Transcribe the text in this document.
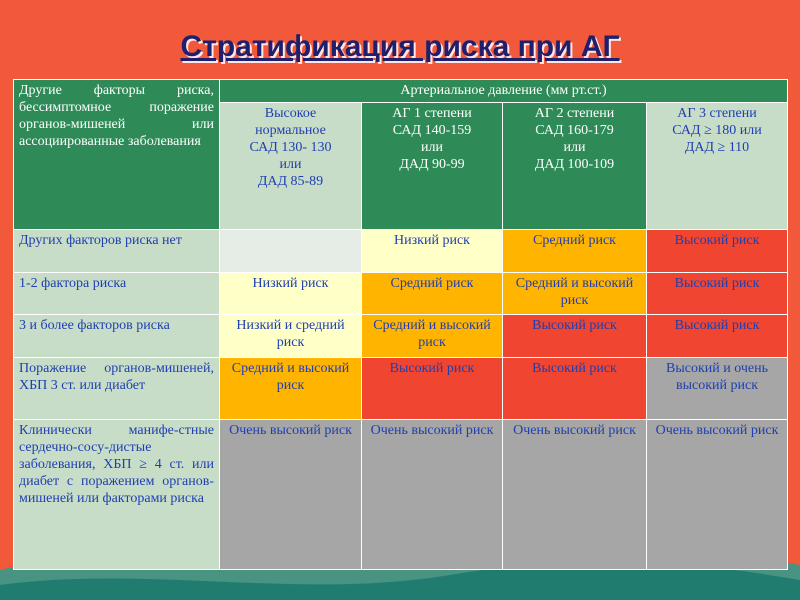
Стратификация риска при АГ
Другие факторы риска, бессимптомное поражение органов-мишеней или ассоциированные заболевания	Артериальное давление (мм рт.ст.)			
	Высокое
нормальное
САД 130- 130
или
ДАД 85-89	АГ 1 степени
САД 140-159
или
ДАД 90-99	АГ 2 степени
САД 160-179
или
ДАД 100-109	АГ 3 степени
САД ≥ 180 или
ДАД ≥ 110
Других факторов риска нет		Низкий риск	Средний риск	Высокий риск
1-2 фактора риска	Низкий риск	Средний риск	Средний и высокий риск	Высокий риск
3 и более факторов риска	Низкий и средний риск	Средний и высокий риск	Высокий риск	Высокий риск
Поражение органов-мишеней, ХБП 3 ст. или диабет	Средний и высокий риск	Высокий риск	Высокий риск	Высокий и очень высокий риск
Клинически манифе-стные сердечно-сосу-дистые заболевания, ХБП ≥ 4 ст. или диабет с поражением органов-мишеней или факторами риска	Очень высокий риск	Очень высокий риск	Очень высокий риск	Очень высокий риск
